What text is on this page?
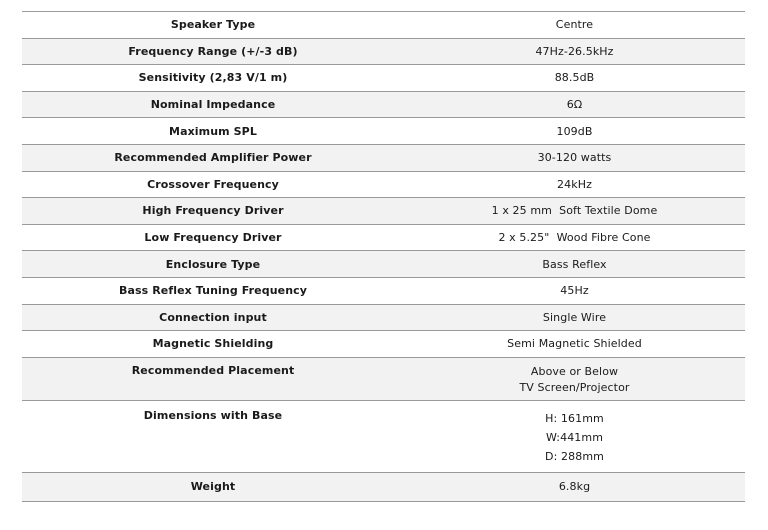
Speaker Type	Centre
Frequency Range (+/-3 dB)	47Hz-26.5kHz
Sensitivity (2,83 V/1 m)	88.5dB
Nominal Impedance	6Ω
Maximum SPL	109dB
Recommended Amplifier Power	30-120 watts
Crossover Frequency	24kHz
High Frequency Driver	1 x 25 mm  Soft Textile Dome
Low Frequency Driver	2 x 5.25"  Wood Fibre Cone
Enclosure Type	Bass Reflex
Bass Reflex Tuning Frequency	45Hz
Connection input	Single Wire
Magnetic Shielding	Semi Magnetic Shielded
Recommended Placement	Above or Below
TV Screen/Projector
Dimensions with Base	H: 161mm
W:441mm
D: 288mm
Weight	6.8kg
